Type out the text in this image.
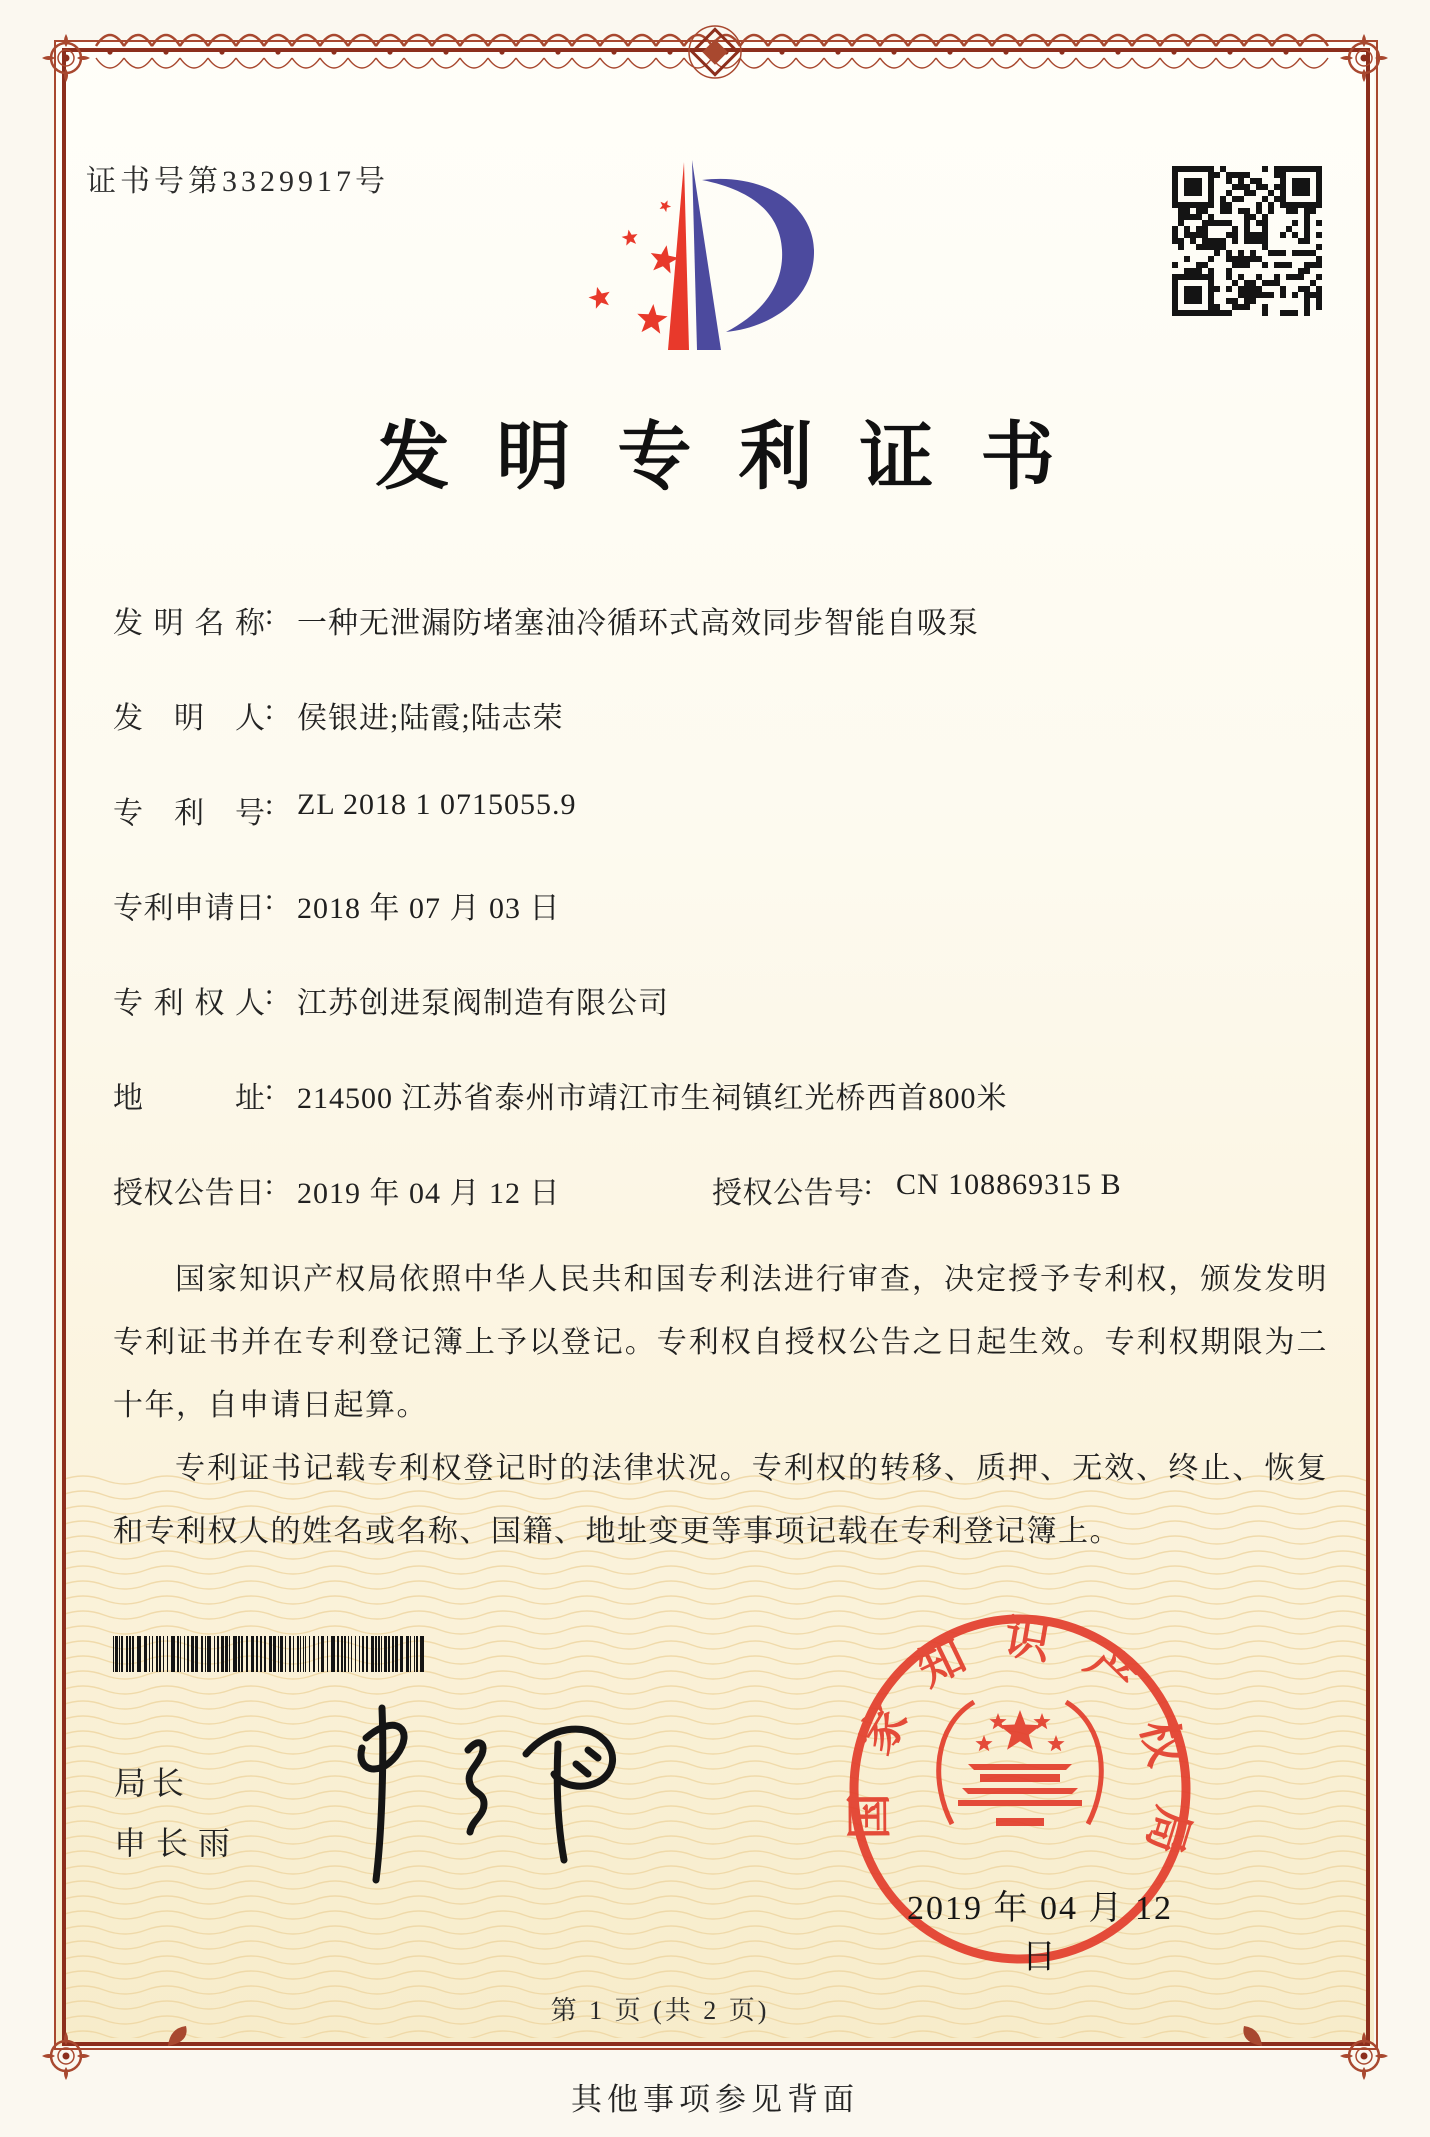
证书号第3329917号
发明专利证书
发明名称 : 一种无泄漏防堵塞油冷循环式高效同步智能自吸泵
发明人 : 侯银进;陆霞;陆志荣
专利号 : ZL 2018 1 0715055.9
专利申请日 : 2018 年 07 月 03 日
专利权人 : 江苏创进泵阀制造有限公司
地址 : 214500 江苏省泰州市靖江市生祠镇红光桥西首800米
授权公告日 : 2019 年 04 月 12 日	授权公告号 : CN 108869315 B

国家知识产权局依照中华人民共和国专利法进行审查，决定授予专利权，颁发发明专利证书并在专利登记簿上予以登记。专利权自授权公告之日起生效。专利权期限为二十年，自申请日起算。

专利证书记载专利权登记时的法律状况。专利权的转移、质押、无效、终止、恢复和专利权人的姓名或名称、国籍、地址变更等事项记载在专利登记簿上。

局长
申长雨
国家知识产权局
2019 年 04 月 12 日
第 1 页 (共 2 页)
其他事项参见背面
